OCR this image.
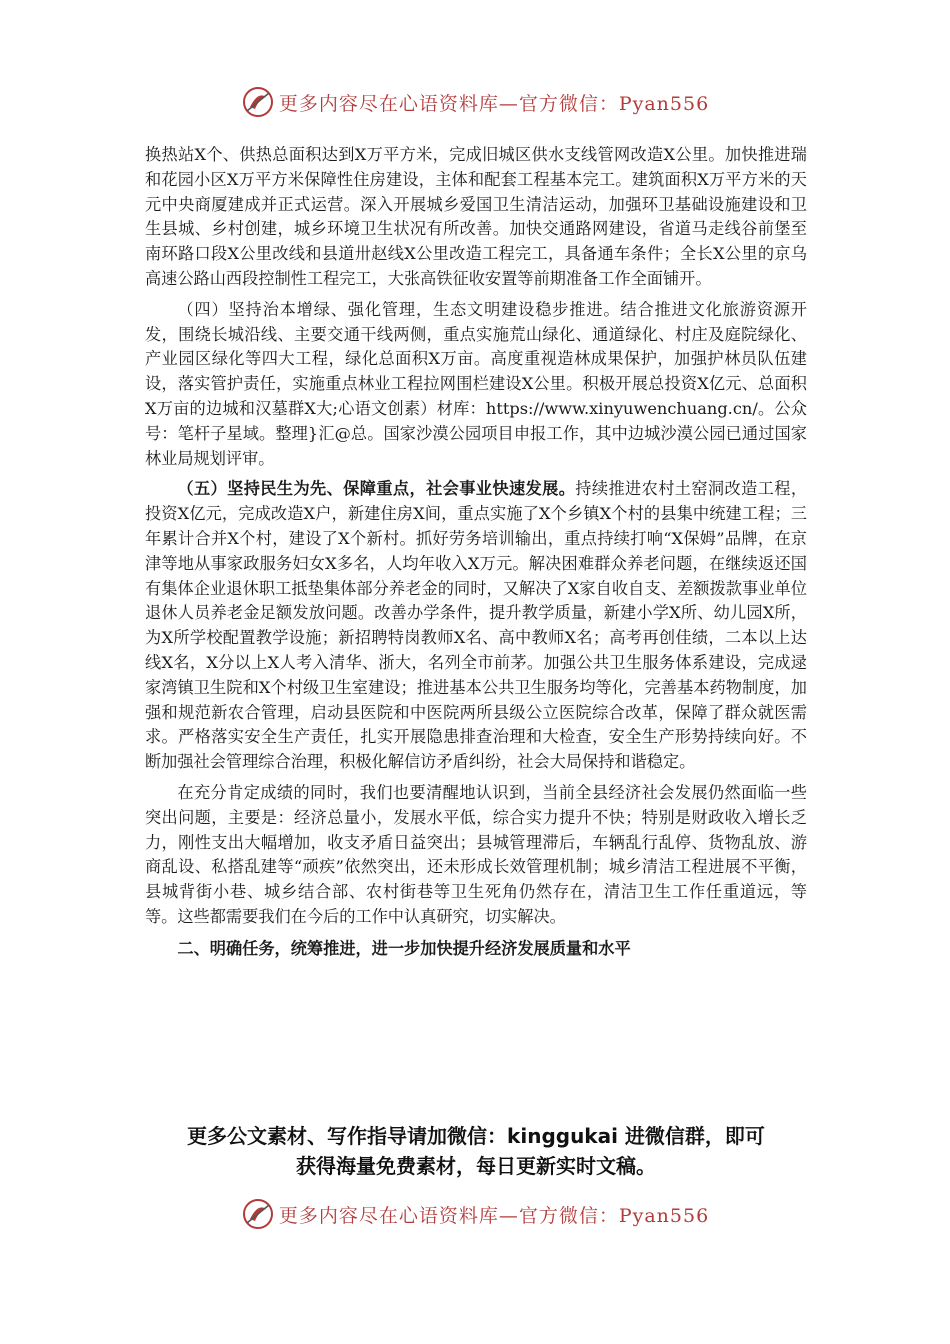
更多内容尽在心语资料库—官方微信：Pyan556

换热站X个、供热总面积达到X万平方米，完成旧城区供水支线管网改造X公里。加快推进瑞和花园小区X万平方米保障性住房建设，主体和配套工程基本完工。建筑面积X万平方米的天元中央商厦建成并正式运营。深入开展城乡爱国卫生清洁运动，加强环卫基础设施建设和卫生县城、乡村创建，城乡环境卫生状况有所改善。加快交通路网建设，省道马走线谷前堡至南环路口段X公里改线和县道卅赵线X公里改造工程完工，具备通车条件；全长X公里的京乌高速公路山西段控制性工程完工，大张高铁征收安置等前期准备工作全面铺开。

（四）坚持治本增绿、强化管理，生态文明建设稳步推进。结合推进文化旅游资源开发，围绕长城沿线、主要交通干线两侧，重点实施荒山绿化、通道绿化、村庄及庭院绿化、产业园区绿化等四大工程，绿化总面积X万亩。高度重视造林成果保护，加强护林员队伍建设，落实管护责任，实施重点林业工程拉网围栏建设X公里。积极开展总投资X亿元、总面积X万亩的边城和汉墓群X大;心语文创素）材库：https://www.xinyuwenchuang.cn/。公众号：笔杆子星域。整理}汇@总。国家沙漠公园项目申报工作，其中边城沙漠公园已通过国家林业局规划评审。

（五）坚持民生为先、保障重点，社会事业快速发展。持续推进农村土窑洞改造工程，投资X亿元，完成改造X户，新建住房X间，重点实施了X个乡镇X个村的县集中统建工程；三年累计合并X个村，建设了X个新村。抓好劳务培训输出，重点持续打响“X保姆”品牌，在京津等地从事家政服务妇女X多名，人均年收入X万元。解决困难群众养老问题，在继续返还国有集体企业退休职工抵垫集体部分养老金的同时，又解决了X家自收自支、差额拨款事业单位退休人员养老金足额发放问题。改善办学条件，提升教学质量，新建小学X所、幼儿园X所，为X所学校配置教学设施；新招聘特岗教师X名、高中教师X名；高考再创佳绩，二本以上达线X名，X分以上X人考入清华、浙大，名列全市前茅。加强公共卫生服务体系建设，完成逯家湾镇卫生院和X个村级卫生室建设；推进基本公共卫生服务均等化，完善基本药物制度，加强和规范新农合管理，启动县医院和中医院两所县级公立医院综合改革，保障了群众就医需求。严格落实安全生产责任，扎实开展隐患排查治理和大检查，安全生产形势持续向好。不断加强社会管理综合治理，积极化解信访矛盾纠纷，社会大局保持和谐稳定。

在充分肯定成绩的同时，我们也要清醒地认识到，当前全县经济社会发展仍然面临一些突出问题，主要是：经济总量小，发展水平低，综合实力提升不快；特别是财政收入增长乏力，刚性支出大幅增加，收支矛盾日益突出；县城管理滞后，车辆乱行乱停、货物乱放、游商乱设、私搭乱建等“顽疾”依然突出，还未形成长效管理机制；城乡清洁工程进展不平衡，县城背街小巷、城乡结合部、农村街巷等卫生死角仍然存在，清洁卫生工作任重道远，等等。这些都需要我们在今后的工作中认真研究，切实解决。

二、明确任务，统筹推进，进一步加快提升经济发展质量和水平
更多公文素材、写作指导请加微信：kinggukai 进微信群，即可
获得海量免费素材，每日更新实时文稿。
更多内容尽在心语资料库—官方微信：Pyan556
